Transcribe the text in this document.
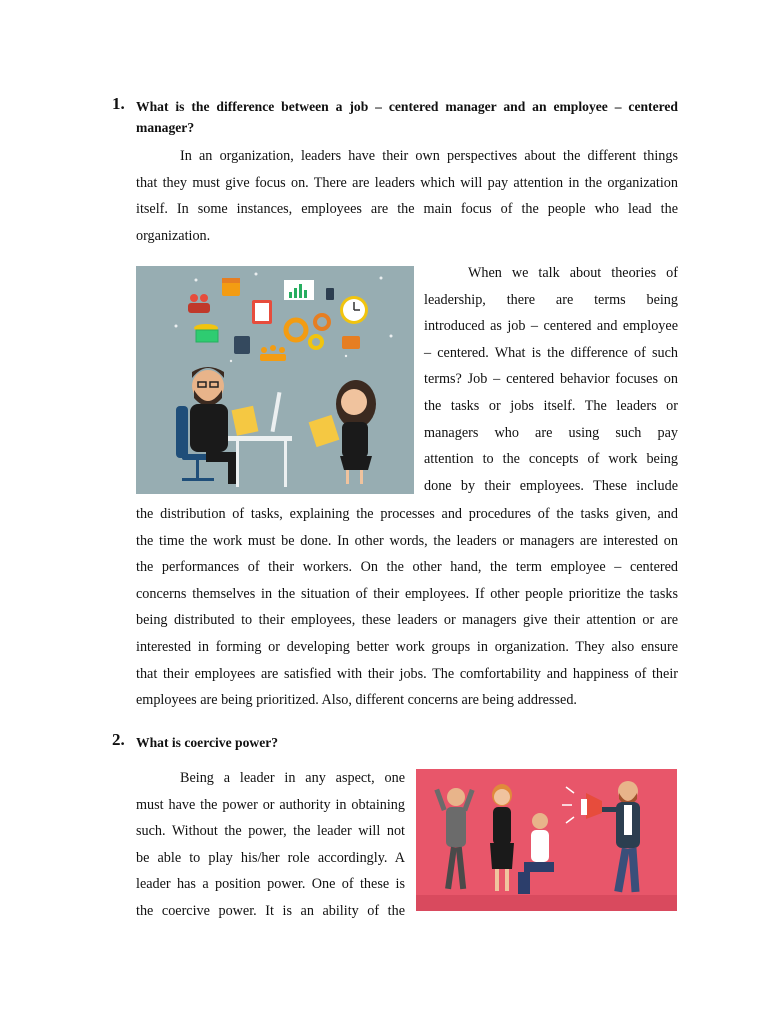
1. What is the difference between a job – centered manager and an employee – centered
manager?
In an organization, leaders have their own perspectives about the different things
that they must give focus on. There are leaders which will pay attention in the organization
itself. In some instances, employees are the main focus of the people who lead the
organization.
When we talk about theories of
leadership, there are terms being
introduced as job – centered and employee
– centered. What is the difference of such
terms? Job – centered behavior focuses on
the tasks or jobs itself. The leaders or
managers who are using such pay
attention to the concepts of work being
done by their employees. These include
the distribution of tasks, explaining the processes and procedures of the tasks given, and
the time the work must be done. In other words, the leaders or managers are interested on
the performances of their workers. On the other hand, the term employee – centered
concerns themselves in the situation of their employees. If other people prioritize the tasks
being distributed to their employees, these leaders or managers give their attention or are
interested in forming or developing better work groups in organization. They also ensure
that their employees are satisfied with their jobs. The comfortability and happiness of their
employees are being prioritized. Also, different concerns are being addressed.
2. What is coercive power?
Being a leader in any aspect, one
must have the power or authority in obtaining
such. Without the power, the leader will not
be able to play his/her role accordingly. A
leader has a position power. One of these is
the coercive power. It is an ability of the
